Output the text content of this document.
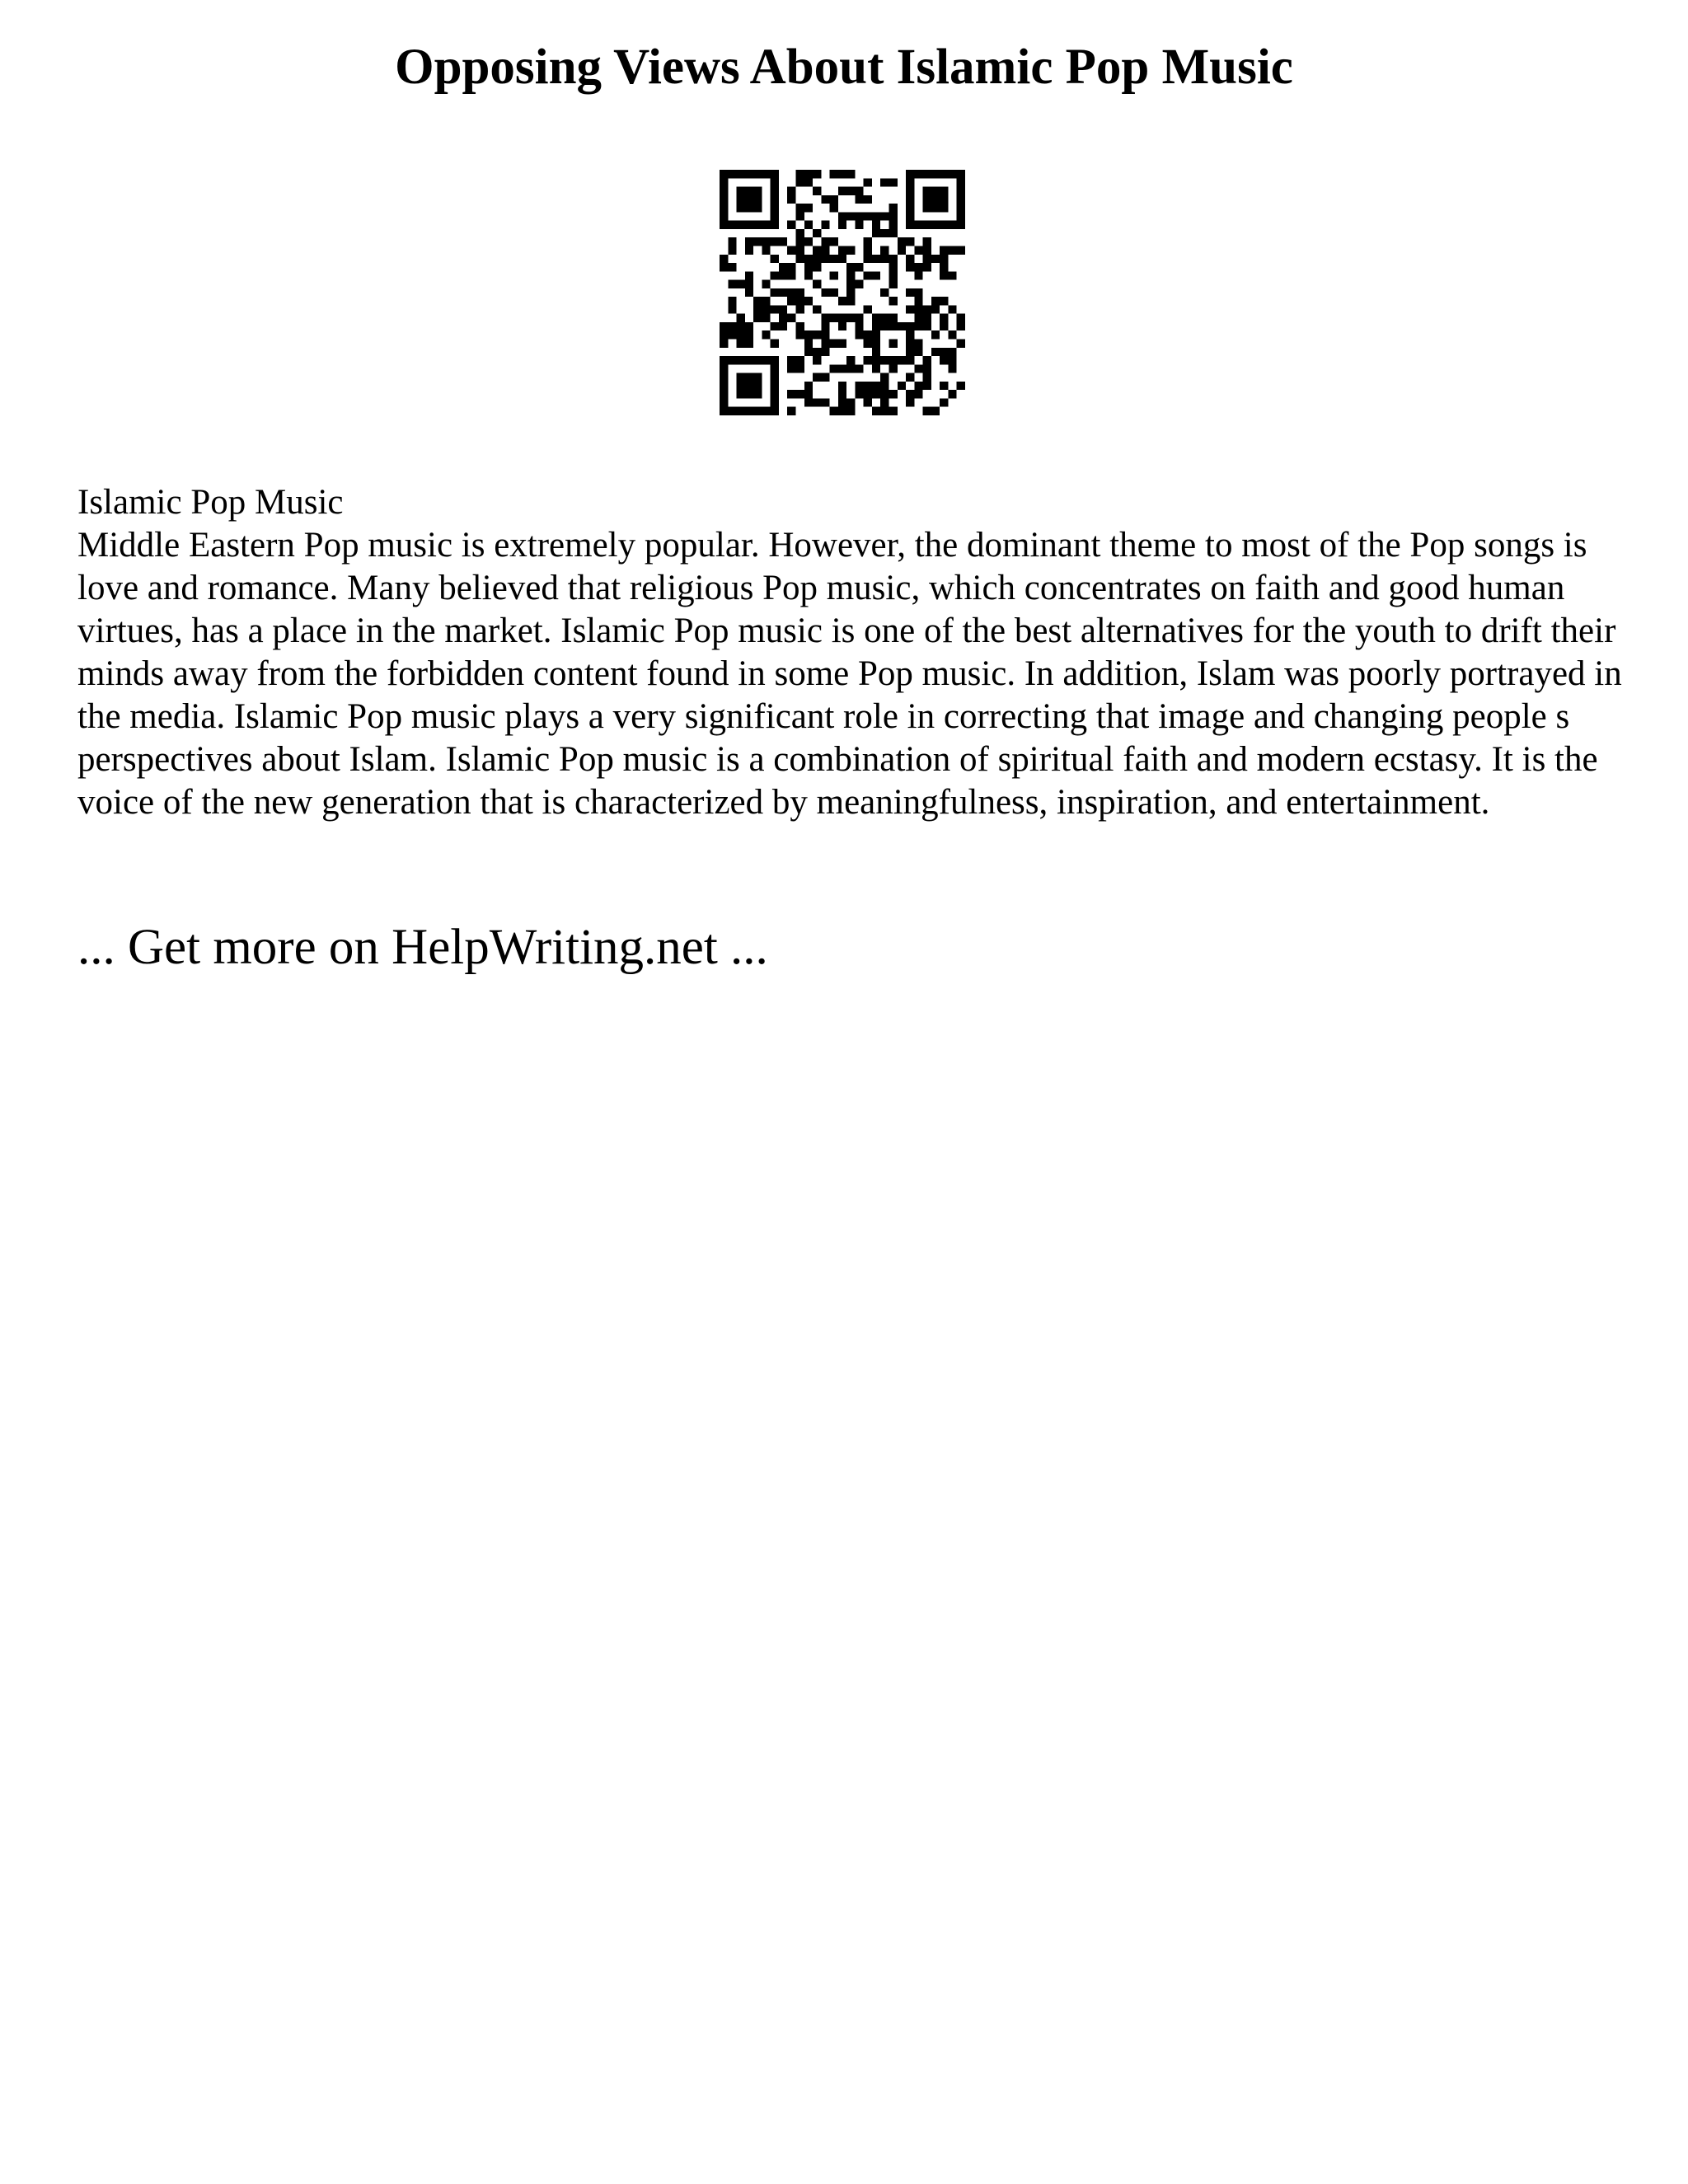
Opposing Views About Islamic Pop Music
Islamic Pop Music

Middle Eastern Pop music is extremely popular. However, the dominant theme to most of the Pop songs is love and romance. Many believed that religious Pop music, which concentrates on faith and good human virtues, has a place in the market. Islamic Pop music is one of the best alternatives for the youth to drift their minds away from the forbidden content found in some Pop music. In addition, Islam was poorly portrayed in the media. Islamic Pop music plays a very significant role in correcting that image and changing people s perspectives about Islam. Islamic Pop music is a combination of spiritual faith and modern ecstasy. It is the voice of the new generation that is characterized by meaningfulness, inspiration, and entertainment.

... Get more on HelpWriting.net ...
